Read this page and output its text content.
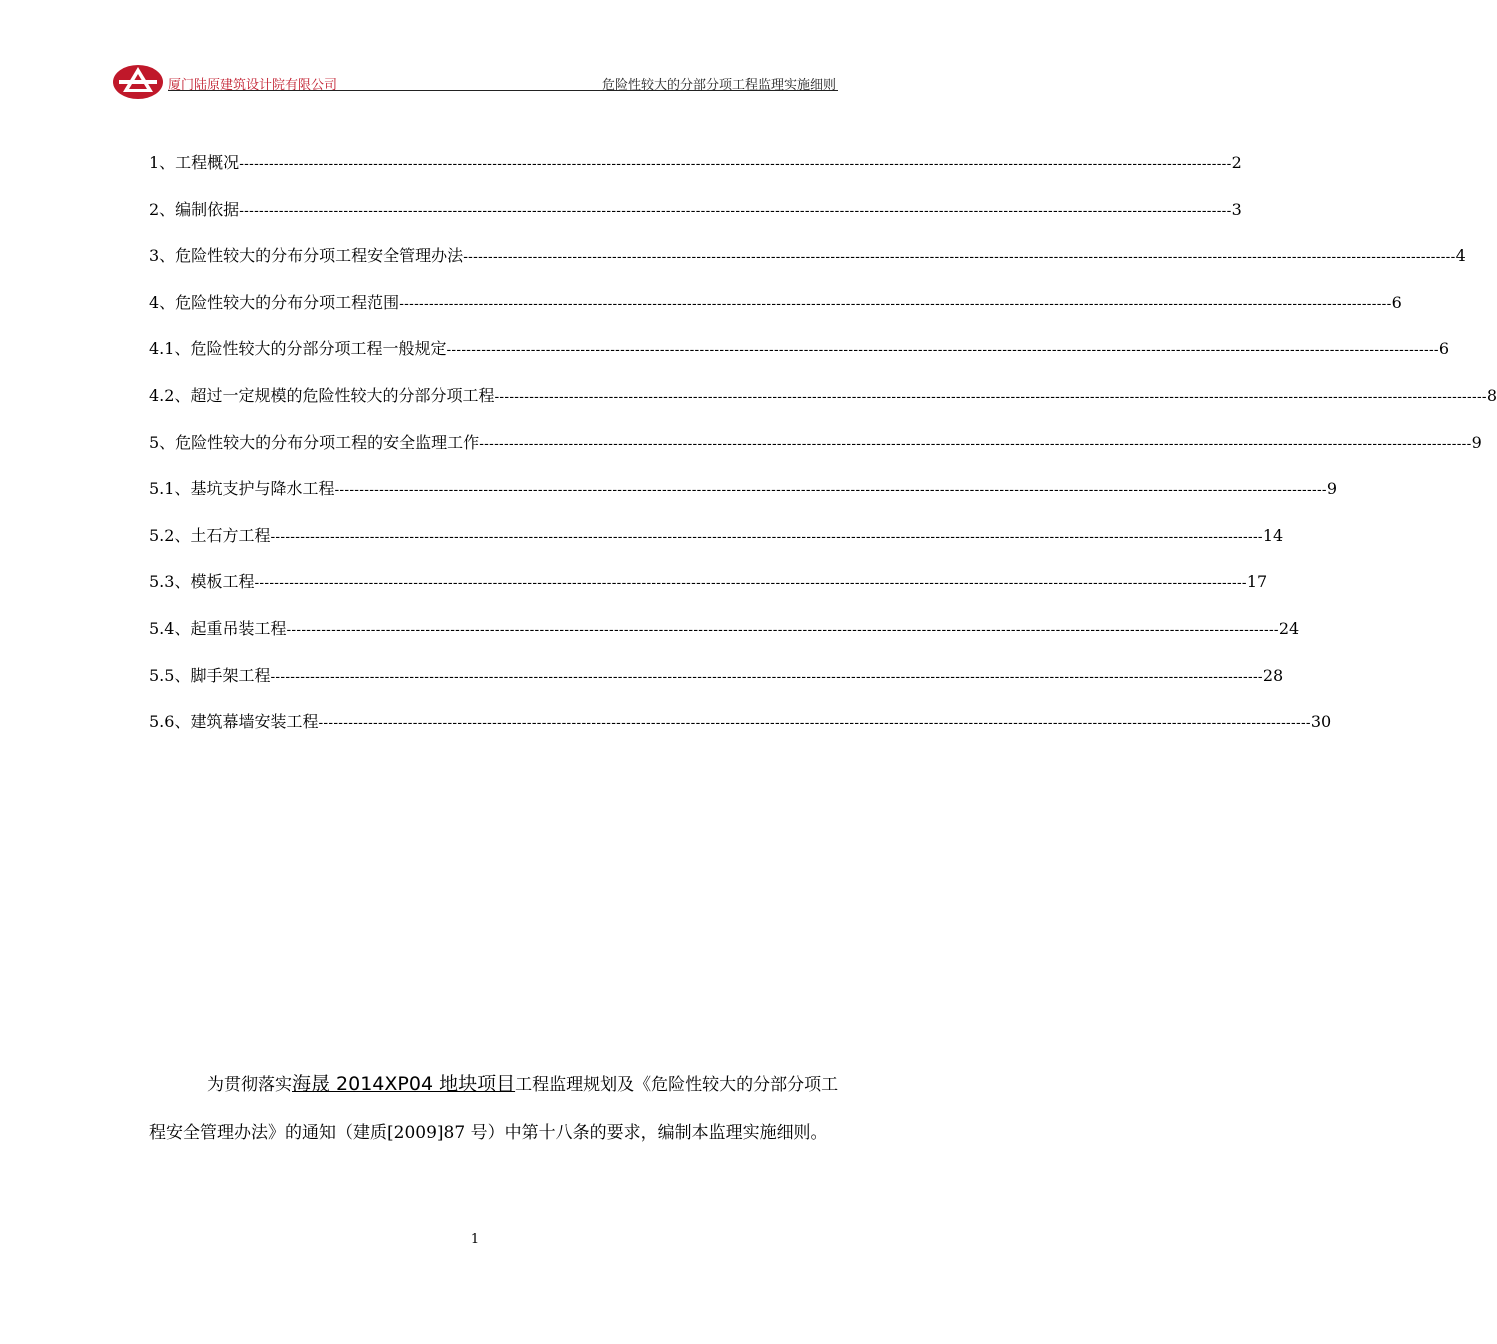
厦门陆原建筑设计院有限公司	危险性较大的分部分项工程监理实施细则
1、工程概况 -------------------------------------------------------------------------------------------------------------------------------------------------------------------------------------------------------- 2
2、编制依据 -------------------------------------------------------------------------------------------------------------------------------------------------------------------------------------------------------- 3
3、危险性较大的分布分项工程安全管理办法 -------------------------------------------------------------------------------------------------------------------------------------------------------------------------------------------------------- 4
4、危险性较大的分布分项工程范围 -------------------------------------------------------------------------------------------------------------------------------------------------------------------------------------------------------- 6
4.1、危险性较大的分部分项工程一般规定 -------------------------------------------------------------------------------------------------------------------------------------------------------------------------------------------------------- 6
4.2、超过一定规模的危险性较大的分部分项工程 -------------------------------------------------------------------------------------------------------------------------------------------------------------------------------------------------------- 8
5、危险性较大的分布分项工程的安全监理工作 -------------------------------------------------------------------------------------------------------------------------------------------------------------------------------------------------------- 9
5.1、基坑支护与降水工程 -------------------------------------------------------------------------------------------------------------------------------------------------------------------------------------------------------- 9
5.2、土石方工程 -------------------------------------------------------------------------------------------------------------------------------------------------------------------------------------------------------- 14
5.3、模板工程 -------------------------------------------------------------------------------------------------------------------------------------------------------------------------------------------------------- 17
5.4、起重吊装工程 -------------------------------------------------------------------------------------------------------------------------------------------------------------------------------------------------------- 24
5.5、脚手架工程 -------------------------------------------------------------------------------------------------------------------------------------------------------------------------------------------------------- 28
5.6、建筑幕墙安装工程 -------------------------------------------------------------------------------------------------------------------------------------------------------------------------------------------------------- 30

为贯彻落实海晟 2014XP04 地块项目工程监理规划及《危险性较大的分部分项工程安全管理办法》的通知（建质[2009]87 号）中第十八条的要求，编制本监理实施细则。

1
